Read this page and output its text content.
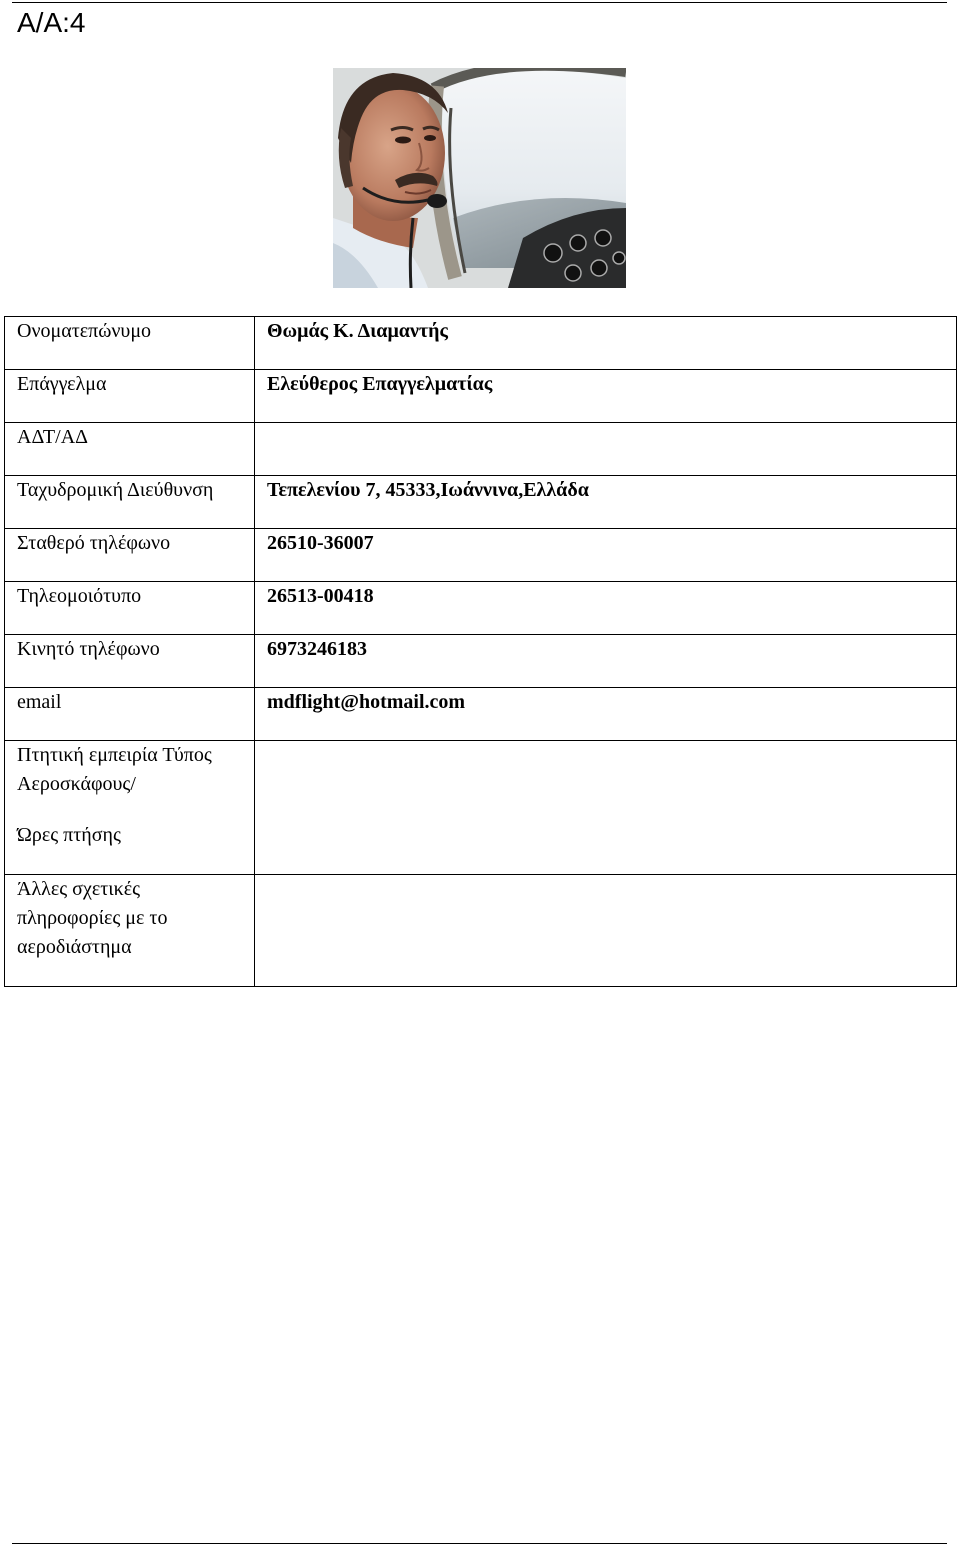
Α/Α:4
Ονοματεπώνυμο	Θωμάς Κ. Διαμαντής
Επάγγελμα	Ελεύθερος Επαγγελματίας
ΑΔΤ/ΑΔ	
Ταχυδρομική Διεύθυνση	Τεπελενίου 7, 45333,Ιωάννινα,Ελλάδα
Σταθερό τηλέφωνο	26510-36007
Τηλεομοιότυπο	26513-00418
Κινητό τηλέφωνο	6973246183
email	mdflight@hotmail.com

Πτητική εμπειρία Τύπος Αεροσκάφους/
Ώρες πτήσης	

Άλλες σχετικές πληροφορίες με το αεροδιάστημα	
